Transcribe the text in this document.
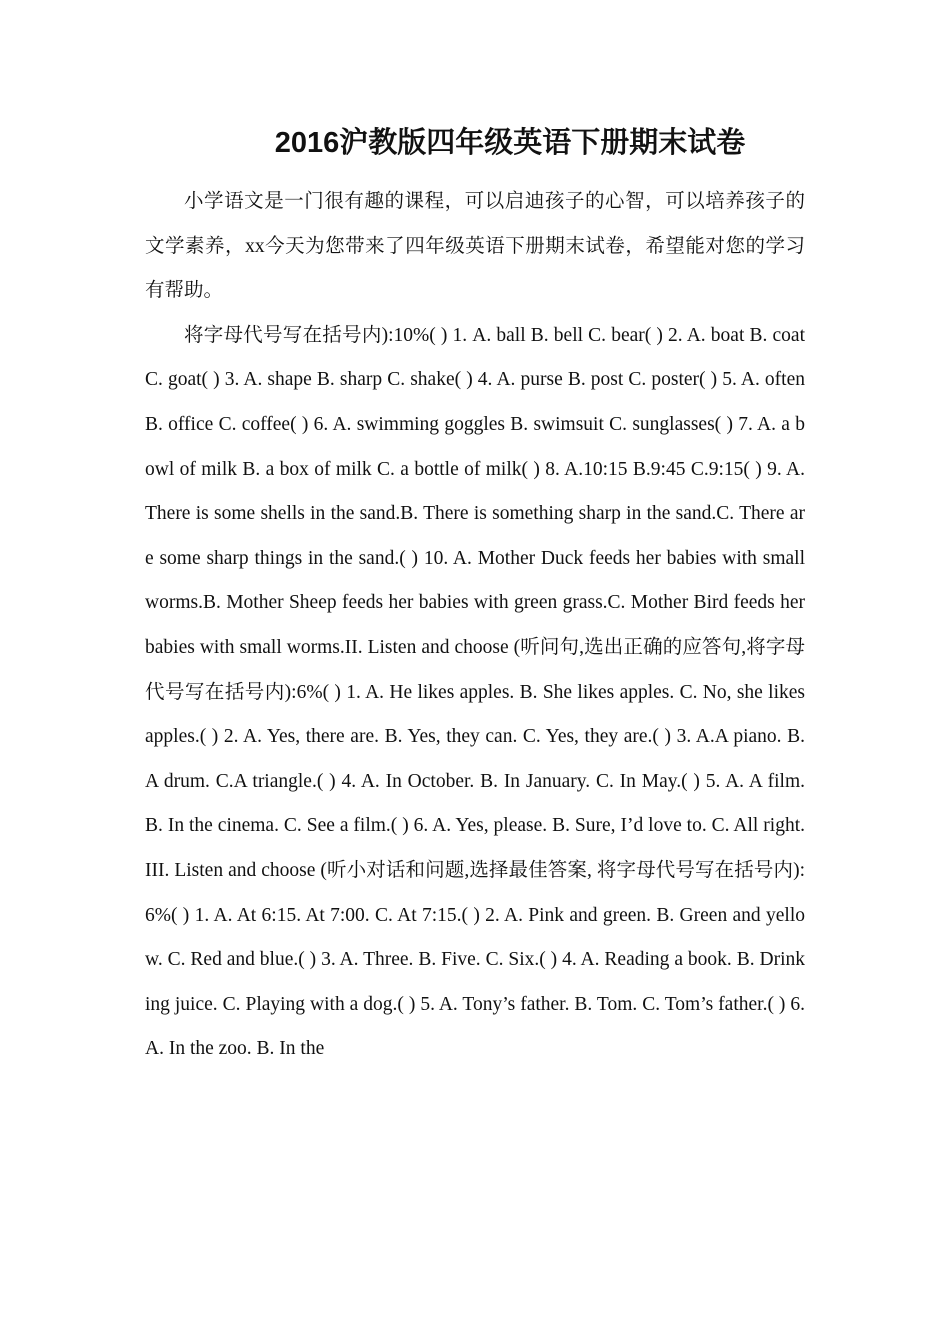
2016沪教版四年级英语下册期末试卷

小学语文是一门很有趣的课程，可以启迪孩子的心智，可以培养孩子的文学素养，xx今天为您带来了四年级英语下册期末试卷，希望能对您的学习有帮助。

将字母代号写在括号内):10%( ) 1. A. ball B. bell C. bear( ) 2. A. boat B. coat C. goat( ) 3. A. shape B. sharp C. shake( ) 4. A. purse B. post C. poster( ) 5. A. often B. office C. coffee( ) 6. A. swimming goggles B. swimsuit C. sunglasses( ) 7. A. a bowl of milk B. a box of milk C. a bottle of milk( ) 8. A.10:15 B.9:45 C.9:15( ) 9. A. There is some shells in the sand.B. There is something sharp in the sand.C. There are some sharp things in the sand.( ) 10. A. Mother Duck feeds her babies with small worms.B. Mother Sheep feeds her babies with green grass.C. Mother Bird feeds her babies with small worms.II. Listen and choose (听问句,选出正确的应答句,将字母代号写在括号内):6%( ) 1. A. He likes apples. B. She likes apples. C. No, she likes apples.( ) 2. A. Yes, there are. B. Yes, they can. C. Yes, they are.( ) 3. A.A piano. B.A drum. C.A triangle.( ) 4. A. In October. B. In January. C. In May.( ) 5. A. A film. B. In the cinema. C. See a film.( ) 6. A. Yes, please. B. Sure, I’d love to. C. All right.III. Listen and choose (听小对话和问题,选择最佳答案, 将字母代号写在括号内):6%( ) 1. A. At 6:15. At 7:00. C. At 7:15.( ) 2. A. Pink and green. B. Green and yellow. C. Red and blue.( ) 3. A. Three. B. Five. C. Six.( ) 4. A. Reading a book. B. Drinking juice. C. Playing with a dog.( ) 5. A. Tony’s father. B. Tom. C. Tom’s father.( ) 6. A. In the zoo. B. In the
